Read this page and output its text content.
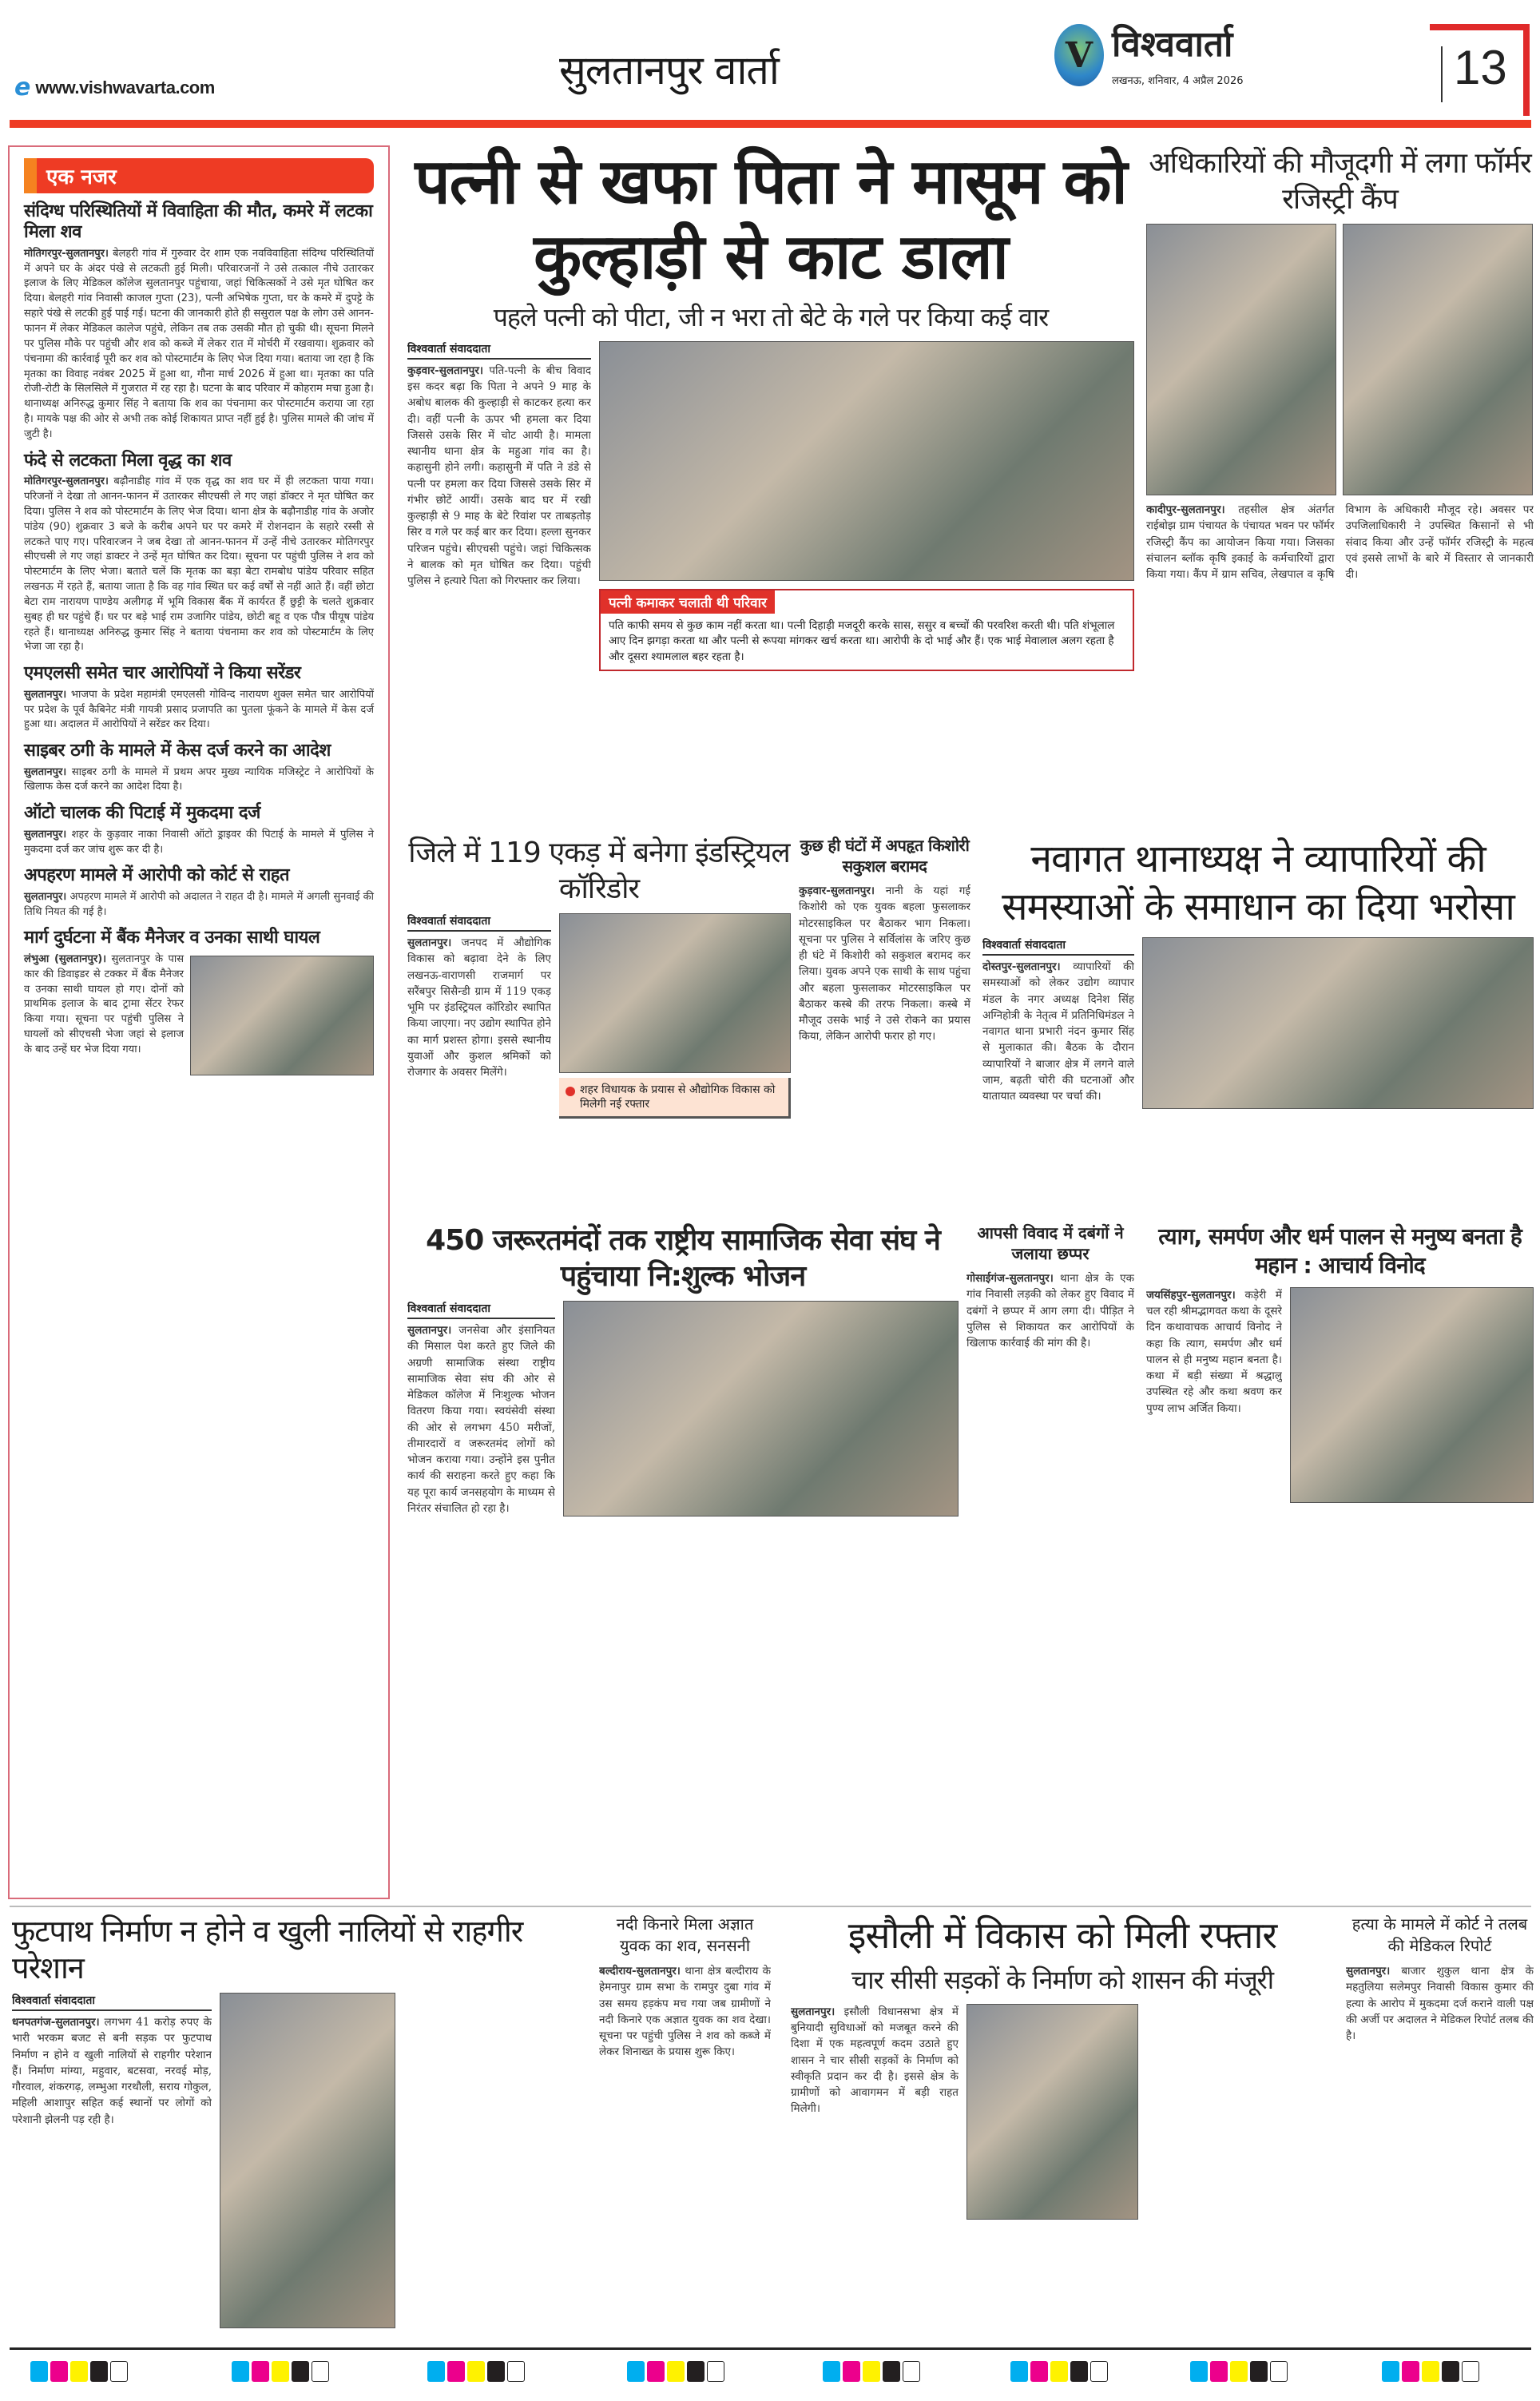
e www.vishwavarta.com	सुलतानपुर वार्ता	V विश्ववार्ता
लखनऊ, शनिवार, 4 अप्रैल 2026	13
एक नजर
संदिग्ध परिस्थितियों में विवाहिता की मौत, कमरे में लटका मिला शव

मोतिगरपुर-सुलतानपुर। बेलहरी गांव में गुरुवार देर शाम एक नवविवाहिता संदिग्ध परिस्थितियों में अपने घर के अंदर पंखे से लटकती हुई मिली। परिवारजनों ने उसे तत्काल नीचे उतारकर इलाज के लिए मेडिकल कॉलेज सुलतानपुर पहुंचाया, जहां चिकित्सकों ने उसे मृत घोषित कर दिया। बेलहरी गांव निवासी काजल गुप्ता (23), पत्नी अभिषेक गुप्ता, घर के कमरे में दुपट्टे के सहारे पंखे से लटकी हुई पाई गई। घटना की जानकारी होते ही ससुराल पक्ष के लोग उसे आनन-फानन में लेकर मेडिकल कालेज पहुंचे, लेकिन तब तक उसकी मौत हो चुकी थी। सूचना मिलने पर पुलिस मौके पर पहुंची और शव को कब्जे में लेकर रात में मोर्चरी में रखवाया। शुक्रवार को पंचनामा की कार्रवाई पूरी कर शव को पोस्टमार्टम के लिए भेज दिया गया। बताया जा रहा है कि मृतका का विवाह नवंबर 2025 में हुआ था, गौना मार्च 2026 में हुआ था। मृतका का पति रोजी-रोटी के सिलसिले में गुजरात में रह रहा है। घटना के बाद परिवार में कोहराम मचा हुआ है। थानाध्यक्ष अनिरुद्ध कुमार सिंह ने बताया कि शव का पंचनामा कर पोस्टमार्टम कराया जा रहा है। मायके पक्ष की ओर से अभी तक कोई शिकायत प्राप्त नहीं हुई है। पुलिस मामले की जांच में जुटी है।

फंदे से लटकता मिला वृद्ध का शव

मोतिगरपुर-सुलतानपुर। बढ़ौनाडीह गांव में एक वृद्ध का शव घर में ही लटकता पाया गया। परिजनों ने देखा तो आनन-फानन में उतारकर सीएचसी ले गए जहां डॉक्टर ने मृत घोषित कर दिया। पुलिस ने शव को पोस्टमार्टम के लिए भेज दिया। थाना क्षेत्र के बढ़ौनाडीह गांव के अजोर पांडेय (90) शुक्रवार 3 बजे के करीब अपने घर पर कमरे में रोशनदान के सहारे रस्सी से लटकते पाए गए। परिवारजन ने जब देखा तो आनन-फानन में उन्हें नीचे उतारकर मोतिगरपुर सीएचसी ले गए जहां डाक्टर ने उन्हें मृत घोषित कर दिया। सूचना पर पहुंची पुलिस ने शव को पोस्टमार्टम के लिए भेजा। बताते चलें कि मृतक का बड़ा बेटा रामबोध पांडेय परिवार सहित लखनऊ में रहते हैं, बताया जाता है कि वह गांव स्थित घर कई वर्षों से नहीं आते हैं। वहीं छोटा बेटा राम नारायण पाण्डेय अलीगढ़ में भूमि विकास बैंक में कार्यरत हैं छुट्टी के चलते शुक्रवार सुबह ही घर पहुंचे हैं। घर पर बड़े भाई राम उजागिर पांडेय, छोटी बहू व एक पौत्र पीयूष पांडेय रहते हैं। थानाध्यक्ष अनिरुद्ध कुमार सिंह ने बताया पंचनामा कर शव को पोस्टमार्टम के लिए भेजा जा रहा है।

एमएलसी समेत चार आरोपियों ने किया सरेंडर

सुलतानपुर। भाजपा के प्रदेश महामंत्री एमएलसी गोविन्द नारायण शुक्ल समेत चार आरोपियों पर प्रदेश के पूर्व कैबिनेट मंत्री गायत्री प्रसाद प्रजापति का पुतला फूंकने के मामले में केस दर्ज हुआ था। अदालत में आरोपियों ने सरेंडर कर दिया।

साइबर ठगी के मामले में केस दर्ज करने का आदेश

सुलतानपुर। साइबर ठगी के मामले में प्रथम अपर मुख्य न्यायिक मजिस्ट्रेट ने आरोपियों के खिलाफ केस दर्ज करने का आदेश दिया है।

ऑटो चालक की पिटाई में मुकदमा दर्ज

सुलतानपुर। शहर के कुड़वार नाका निवासी ऑटो ड्राइवर की पिटाई के मामले में पुलिस ने मुकदमा दर्ज कर जांच शुरू कर दी है।

अपहरण मामले में आरोपी को कोर्ट से राहत

सुलतानपुर। अपहरण मामले में आरोपी को अदालत ने राहत दी है। मामले में अगली सुनवाई की तिथि नियत की गई है।

मार्ग दुर्घटना में बैंक मैनेजर व उनका साथी घायल

लंभुआ (सुलतानपुर)। सुलतानपुर के पास कार की डिवाइडर से टक्कर में बैंक मैनेजर व उनका साथी घायल हो गए। दोनों को प्राथमिक इलाज के बाद ट्रामा सेंटर रेफर किया गया। सूचना पर पहुंची पुलिस ने घायलों को सीएचसी भेजा जहां से इलाज के बाद उन्हें घर भेज दिया गया।

पत्नी से खफा पिता ने मासूम को कुल्हाड़ी से काट डाला
पहले पत्नी को पीटा, जी न भरा तो बेटे के गले पर किया कई वार
विश्ववार्ता संवाददाता
कुड़वार-सुलतानपुर। पति-पत्नी के बीच विवाद इस कदर बढ़ा कि पिता ने अपने 9 माह के अबोध बालक की कुल्हाड़ी से काटकर हत्या कर दी। वहीं पत्नी के ऊपर भी हमला कर दिया जिससे उसके सिर में चोट आयी है। मामला स्थानीय थाना क्षेत्र के महुआ गांव का है। कहासुनी होने लगी। कहासुनी में पति ने डंडे से पत्नी पर हमला कर दिया जिससे उसके सिर में गंभीर छोटें आयीं। उसके बाद घर में रखी कुल्हाड़ी से 9 माह के बेटे रिवांश पर ताबड़तोड़ सिर व गले पर कई बार कर दिया। हल्ला सुनकर परिजन पहुंचे। सीएचसी पहुंचे। जहां चिकित्सक ने बालक को मृत घोषित कर दिया। पहुंची पुलिस ने हत्यारे पिता को गिरफ्तार कर लिया।
पत्नी कमाकर चलाती थी परिवार
पति काफी समय से कुछ काम नहीं करता था। पत्नी दिहाड़ी मजदूरी करके सास, ससुर व बच्चों की परवरिश करती थी। पति शंभूलाल आए दिन झगड़ा करता था और पत्नी से रूपया मांगकर खर्च करता था। आरोपी के दो भाई और हैं। एक भाई मेवालाल अलग रहता है और दूसरा श्यामलाल बहर रहता है।
अधिकारियों की मौजूदगी में लगा फॉर्मर रजिस्ट्री कैंप
कादीपुर-सुलतानपुर। तहसील क्षेत्र अंतर्गत राईबोझ ग्राम पंचायत के पंचायत भवन पर फॉर्मर रजिस्ट्री कैंप का आयोजन किया गया। जिसका संचालन ब्लॉक कृषि इकाई के कर्मचारियों द्वारा किया गया। कैंप में ग्राम सचिव, लेखपाल व कृषि विभाग के अधिकारी मौजूद रहे। अवसर पर उपजिलाधिकारी ने उपस्थित किसानों से भी संवाद किया और उन्हें फॉर्मर रजिस्ट्री के महत्व एवं इससे लाभों के बारे में विस्तार से जानकारी दी।
जिले में 119 एकड़ में बनेगा इंडस्ट्रियल कॉरिडोर
विश्ववार्ता संवाददाता
सुलतानपुर। जनपद में औद्योगिक विकास को बढ़ावा देने के लिए लखनऊ-वाराणसी राजमार्ग पर सरैंबपुर सिसैन्डी ग्राम में 119 एकड़ भूमि पर इंडस्ट्रियल कॉरिडोर स्थापित किया जाएगा। नए उद्योग स्थापित होने का मार्ग प्रशस्त होगा। इससे स्थानीय युवाओं और कुशल श्रमिकों को रोजगार के अवसर मिलेंगे।
शहर विधायक के प्रयास से औद्योगिक विकास को मिलेगी नई रफ्तार
कुछ ही घंटों में अपहृत किशोरी सकुशल बरामद
कुड़वार-सुलतानपुर। नानी के यहां गई किशोरी को एक युवक बहला फुसलाकर मोटरसाइकिल पर बैठाकर भाग निकला। सूचना पर पुलिस ने सर्विलांस के जरिए कुछ ही घंटे में किशोरी को सकुशल बरामद कर लिया। युवक अपने एक साथी के साथ पहुंचा और बहला फुसलाकर मोटरसाइकिल पर बैठाकर कस्बे की तरफ निकला। कस्बे में मौजूद उसके भाई ने उसे रोकने का प्रयास किया, लेकिन आरोपी फरार हो गए।
नवागत थानाध्यक्ष ने व्यापारियों की समस्याओं के समाधान का दिया भरोसा
विश्ववार्ता संवाददाता
दोस्तपुर-सुलतानपुर। व्यापारियों की समस्याओं को लेकर उद्योग व्यापार मंडल के नगर अध्यक्ष दिनेश सिंह अग्निहोत्री के नेतृत्व में प्रतिनिधिमंडल ने नवागत थाना प्रभारी नंदन कुमार सिंह से मुलाकात की। बैठक के दौरान व्यापारियों ने बाजार क्षेत्र में लगने वाले जाम, बढ़ती चोरी की घटनाओं और यातायात व्यवस्था पर चर्चा की।
450 जरूरतमंदों तक राष्ट्रीय सामाजिक सेवा संघ ने पहुंचाया नि:शुल्क भोजन
विश्ववार्ता संवाददाता
सुलतानपुर। जनसेवा और इंसानियत की मिसाल पेश करते हुए जिले की अग्रणी सामाजिक संस्था राष्ट्रीय सामाजिक सेवा संघ की ओर से मेडिकल कॉलेज में निःशुल्क भोजन वितरण किया गया। स्वयंसेवी संस्था की ओर से लगभग 450 मरीजों, तीमारदारों व जरूरतमंद लोगों को भोजन कराया गया। उन्होंने इस पुनीत कार्य की सराहना करते हुए कहा कि यह पूरा कार्य जनसहयोग के माध्यम से निरंतर संचालित हो रहा है।
आपसी विवाद में दबंगों ने जलाया छप्पर
गोसाईगंज-सुलतानपुर। थाना क्षेत्र के एक गांव निवासी लड़की को लेकर हुए विवाद में दबंगों ने छप्पर में आग लगा दी। पीड़ित ने पुलिस से शिकायत कर आरोपियों के खिलाफ कार्रवाई की मांग की है।
त्याग, समर्पण और धर्म पालन से मनुष्य बनता है महान : आचार्य विनोद
जयसिंहपुर-सुलतानपुर। कड़ेरी में चल रही श्रीमद्भागवत कथा के दूसरे दिन कथावाचक आचार्य विनोद ने कहा कि त्याग, समर्पण और धर्म पालन से ही मनुष्य महान बनता है। कथा में बड़ी संख्या में श्रद्धालु उपस्थित रहे और कथा श्रवण कर पुण्य लाभ अर्जित किया।
फुटपाथ निर्माण न होने व खुली नालियों से राहगीर परेशान
विश्ववार्ता संवाददाता
धनपतगंज-सुलतानपुर। लगभग 41 करोड़ रुपए के भारी भरकम बजट से बनी सड़क पर फुटपाथ निर्माण न होने व खुली नालियों से राहगीर परेशान हैं। निर्माण मांग्या, महुवार, बटसवा, नरवई मोड़, गौरवाल, शंकरगढ़, लम्भुआ गरथौली, सराय गोकुल, महिली आशापुर सहित कई स्थानों पर लोगों को परेशानी झेलनी पड़ रही है।
नदी किनारे मिला अज्ञात युवक का शव, सनसनी
बल्दीराय-सुलतानपुर। थाना क्षेत्र बल्दीराय के हेमनापुर ग्राम सभा के रामपुर दुबा गांव में उस समय हड़कंप मच गया जब ग्रामीणों ने नदी किनारे एक अज्ञात युवक का शव देखा। सूचना पर पहुंची पुलिस ने शव को कब्जे में लेकर शिनाख्त के प्रयास शुरू किए।
इसौली में विकास को मिली रफ्तार
चार सीसी सड़कों के निर्माण को शासन की मंजूरी
सुलतानपुर। इसौली विधानसभा क्षेत्र में बुनियादी सुविधाओं को मजबूत करने की दिशा में एक महत्वपूर्ण कदम उठाते हुए शासन ने चार सीसी सड़कों के निर्माण को स्वीकृति प्रदान कर दी है। इससे क्षेत्र के ग्रामीणों को आवागमन में बड़ी राहत मिलेगी।
हत्या के मामले में कोर्ट ने तलब की मेडिकल रिपोर्ट
सुलतानपुर। बाजार शुकुल थाना क्षेत्र के महतुलिया सलेमपुर निवासी विकास कुमार की हत्या के आरोप में मुकदमा दर्ज कराने वाली पक्ष की अर्जी पर अदालत ने मेडिकल रिपोर्ट तलब की है।
